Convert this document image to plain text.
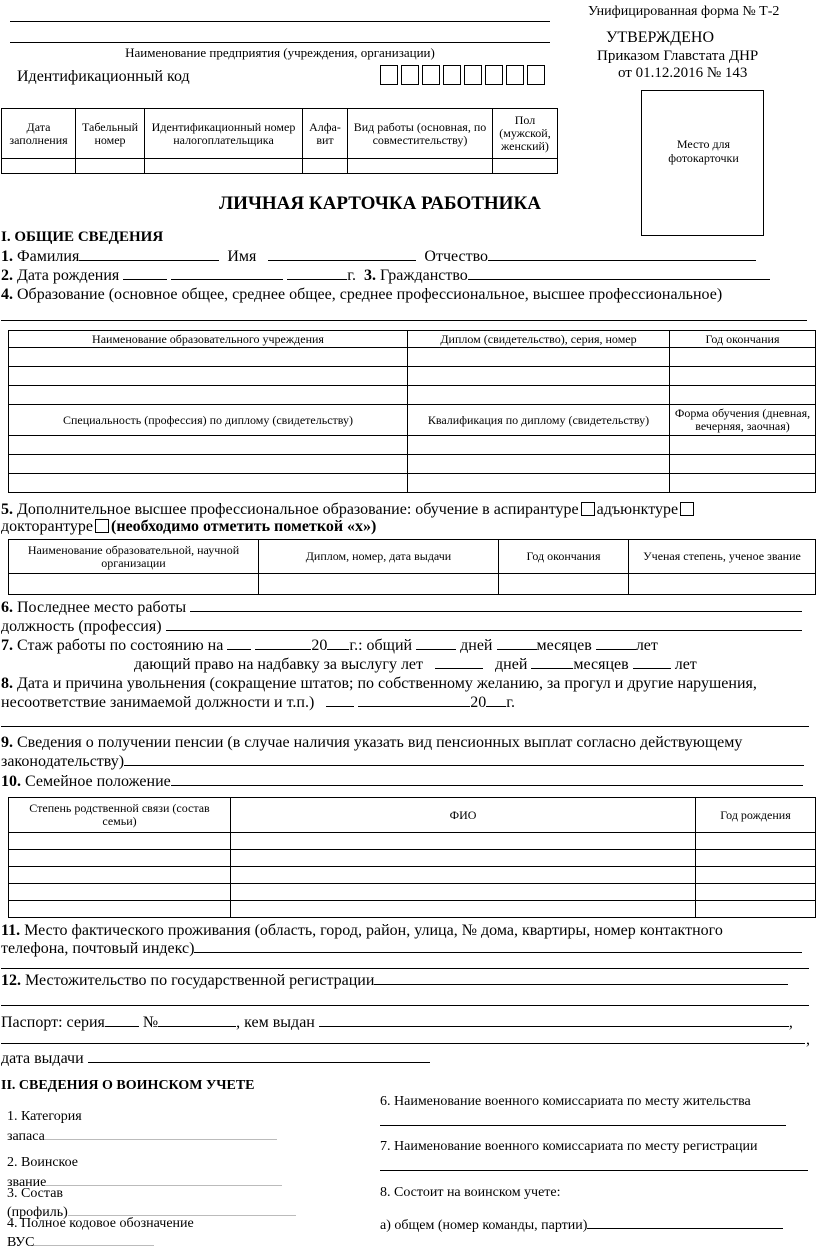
Наименование предприятия (учреждения, организации)
Идентификационный код
Унифицированная форма № Т-2
УТВЕРЖДЕНО
Приказом Главстата ДНР
от 01.12.2016 № 143
Место для фотокарточки
Дата заполнения	Табельный номер	Идентификационный номер налогоплательщика	Алфа-вит	Вид работы (основная, по совместительству)	Пол (мужской, женский)

ЛИЧНАЯ КАРТОЧКА РАБОТНИКА
I. ОБЩИЕ СВЕДЕНИЯ
1. Фамилия	Имя	Отчество
2. Дата рождения	г. 3. Гражданство
4. Образование (основное общее, среднее общее, среднее профессиональное, высшее профессиональное)
Наименование образовательного учреждения	Диплом (свидетельство), серия, номер	Год окончания

Специальность (профессия) по диплому (свидетельству)	Квалификация по диплому (свидетельству)	Форма обучения (дневная, вечерняя, заочная)

5. Дополнительное высшее профессиональное образование: обучение в аспирантуре адъюнктуре
докторантуре (необходимо отметить пометкой «х»)
Наименование образовательной, научной организации	Диплом, номер, дата выдачи	Год окончания	Ученая степень, ученое звание

6. Последнее место работы
должность (профессия)
7. Стаж работы по состоянию на	20 г.: общий	дней	месяцев	лет
дающий право на надбавку за выслугу лет	дней	месяцев	лет
8. Дата и причина увольнения (сокращение штатов; по собственному желанию, за прогул и другие нарушения,
несоответствие занимаемой должности и т.п.)	20 г.
9. Сведения о получении пенсии (в случае наличия указать вид пенсионных выплат согласно действующему
законодательству)
10. Семейное положение
Степень родственной связи (состав семьи)	ФИО	Год рождения

11. Место фактического проживания (область, город, район, улица, № дома, квартиры, номер контактного
телефона, почтовый индекс)
12. Местожительство по государственной регистрации
Паспорт: серия №	, кем выдан	,
,
дата выдачи
II. СВЕДЕНИЯ О ВОИНСКОМ УЧЕТЕ
1. Категория
запаса
2. Воинское
звание
3. Состав
(профиль)
4. Полное кодовое обозначение
ВУС
6. Наименование военного комиссариата по месту жительства
7. Наименование военного комиссариата по месту регистрации
8. Состоит на воинском учете:
а) общем (номер команды, партии)
